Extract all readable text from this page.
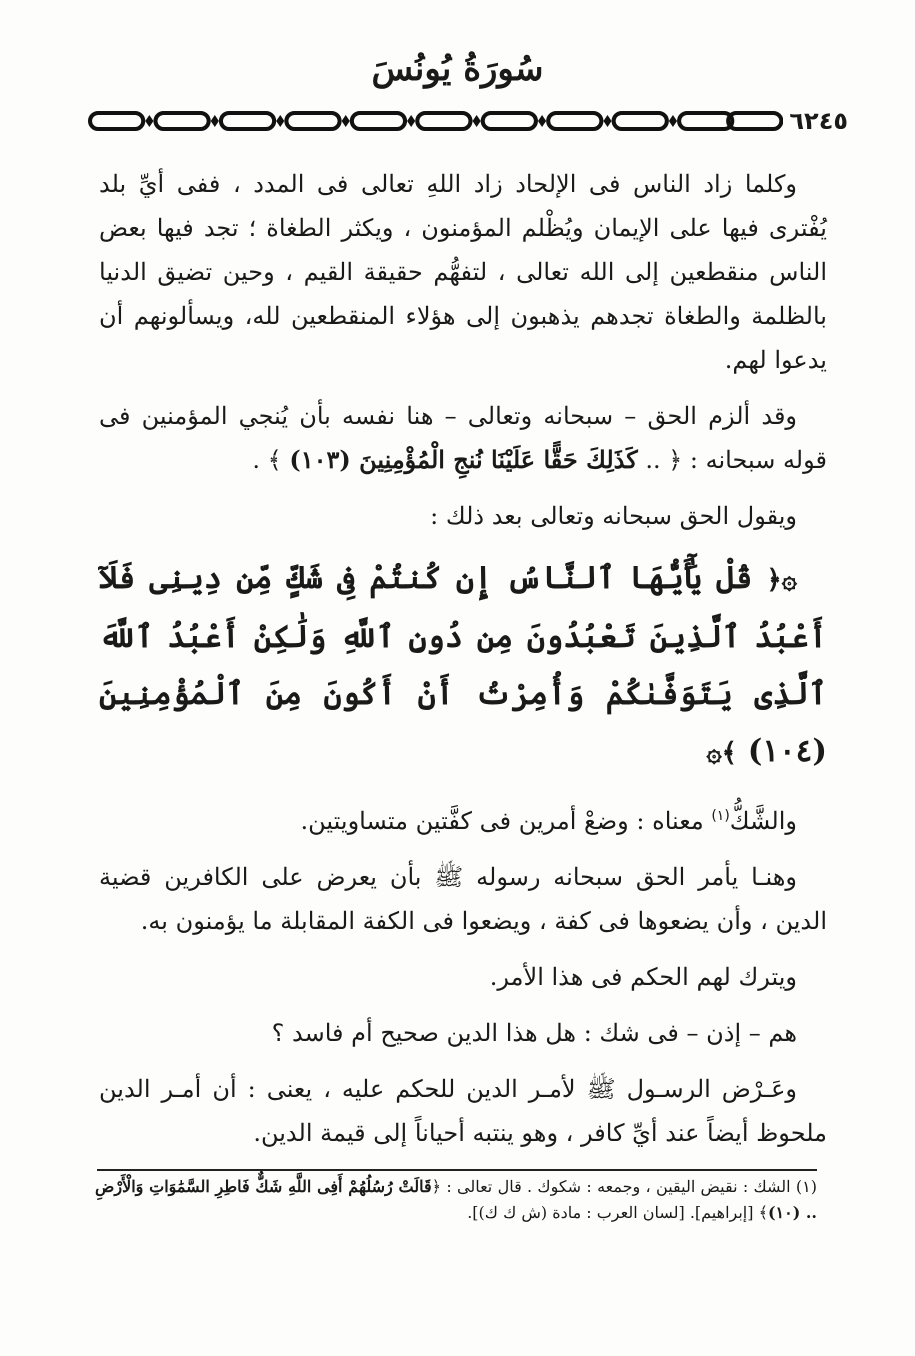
سُورَةُ يُونُسَ
٦٢٤٥

وكلما زاد الناس فى الإلحاد زاد اللهِ تعالى فى المدد ، ففى أيِّ بلد يُفْترى فيها على الإيمان ويُظْلم المؤمنون ، ويكثر الطغاة ؛ تجد فيها بعض الناس منقطعين إلى الله تعالى ، لتفهُّم حقيقة القيم ، وحين تضيق الدنيا بالظلمة والطغاة تجدهم يذهبون إلى هؤلاء المنقطعين لله، ويسألونهم أن يدعوا لهم.

وقد ألزم الحق – سبحانه وتعالى – هنا نفسه بأن يُنجي المؤمنين فى قوله سبحانه : ﴿ .. كَذَلِكَ حَقًّا عَلَيْنَا نُنجِ الْمُؤْمِنِينَ (١٠٣) ﴾ .

ويقول الحق سبحانه وتعالى بعد ذلك :

۞﴿ قُلْ يَٰٓأَيُّهَا ٱلنَّاسُ إِن كُنتُمْ فِى شَكٍّ مِّن دِينِى فَلَآ أَعْبُدُ ٱلَّذِينَ تَعْبُدُونَ مِن دُونِ ٱللَّهِ وَلَٰكِنْ أَعْبُدُ ٱللَّهَ ٱلَّذِى يَتَوَفَّىٰكُمْ وَأُمِرْتُ أَنْ أَكُونَ مِنَ ٱلْمُؤْمِنِينَ (١٠٤) ﴾۞

والشَّكُّ$^{(١)}$ معناه : وضعْ أمرين فى كفَّتين متساويتين.

وهنـا يأمر الحق سبحانه رسوله ﷺ بأن يعرض على الكافرين قضية الدين ، وأن يضعوها فى كفة ، ويضعوا فى الكفة المقابلة ما يؤمنون به.

ويترك لهم الحكم فى هذا الأمر.

هم – إذن – فى شك : هل هذا الدين صحيح أم فاسد ؟

وعَـرْض الرسـول ﷺ لأمـر الدين للحكم عليه ، يعنى : أن أمـر الدين ملحوظ أيضاً عند أيِّ كافر ، وهو ينتبه أحياناً إلى قيمة الدين.

(١) الشك : نقيض اليقين ، وجمعه : شكوك . قال تعالى : ﴿قَالَتْ رُسُلُهُمْ أَفِى اللَّهِ شَكٌّ فَاطِرِ السَّمَٰوَاتِ وَالْأَرْضِ .. (١٠)﴾ [إبراهيم]. [لسان العرب : مادة (ش ك ك)].
